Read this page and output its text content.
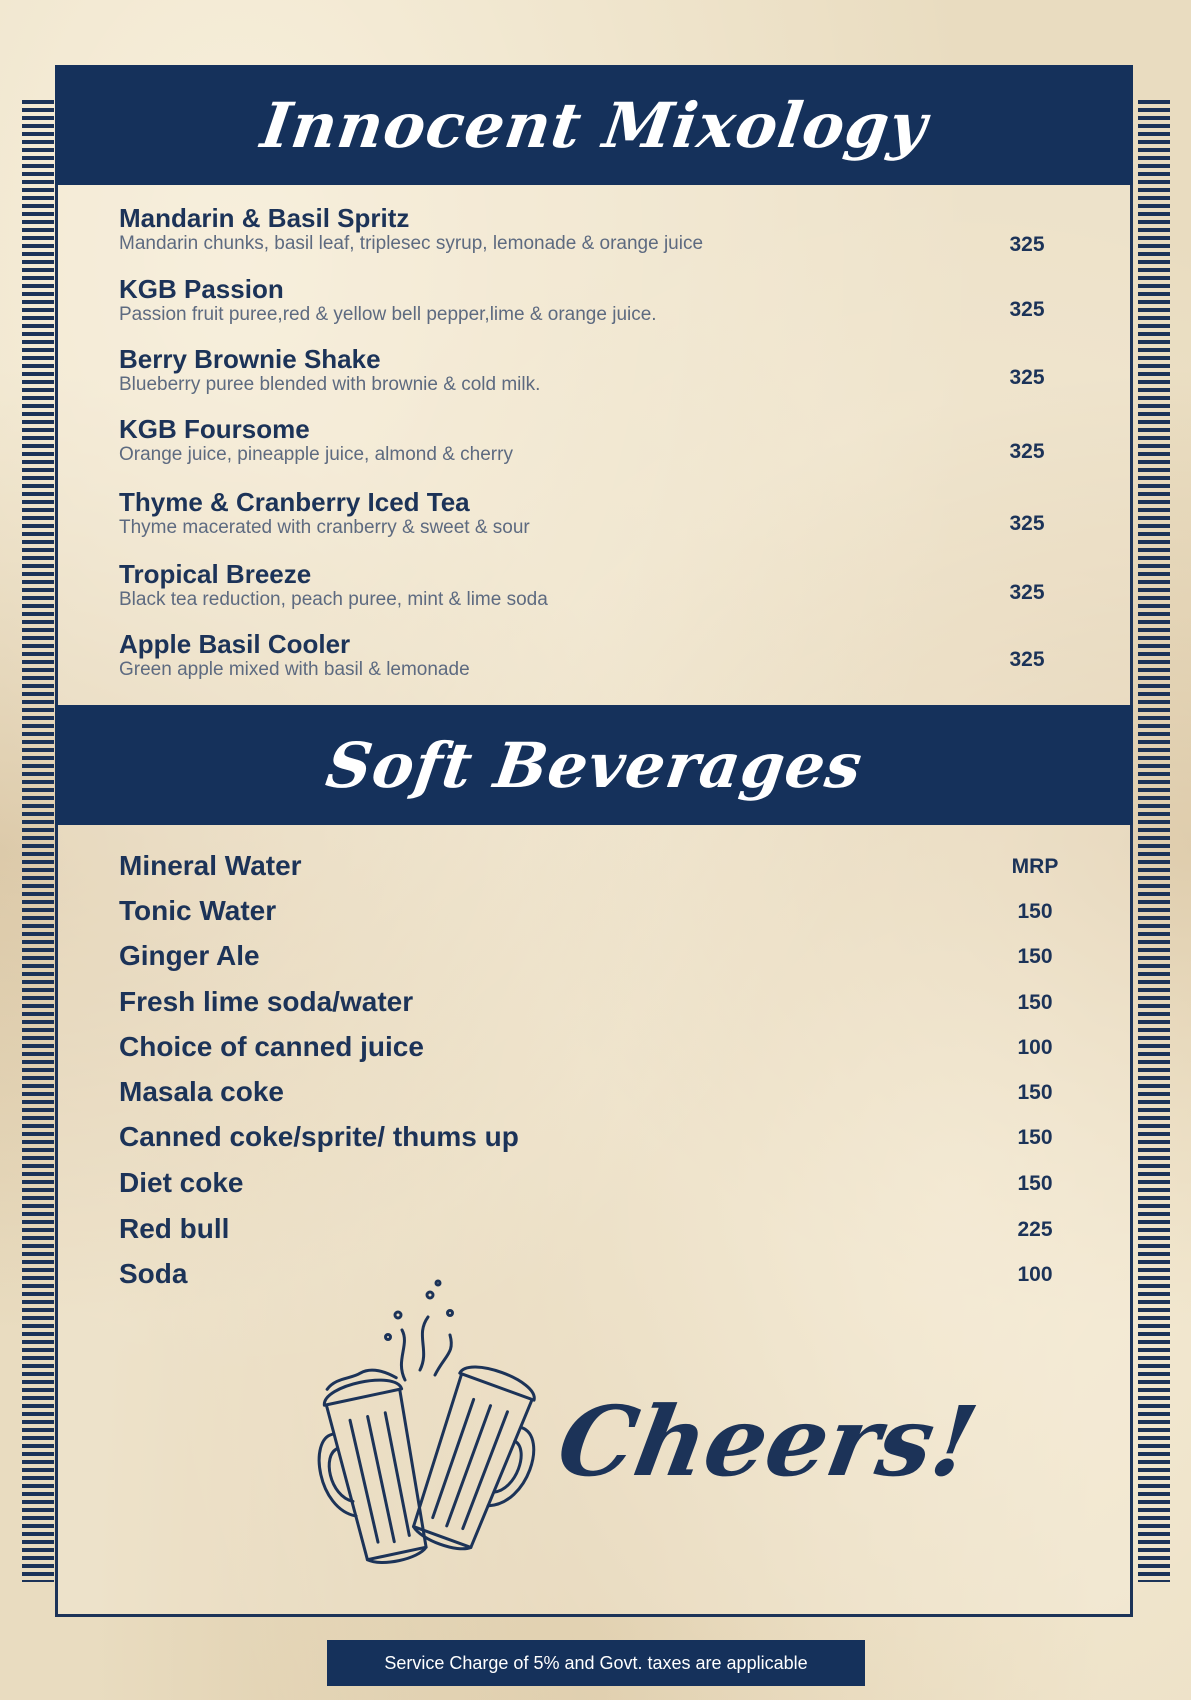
Innocent Mixology
Mandarin & Basil Spritz
Mandarin chunks, basil leaf, triplesec syrup, lemonade & orange juice	325
KGB Passion
Passion fruit puree,red & yellow bell pepper,lime & orange juice.	325
Berry Brownie Shake
Blueberry puree blended with brownie & cold milk.	325
KGB Foursome
Orange juice, pineapple juice, almond & cherry	325
Thyme & Cranberry Iced Tea
Thyme macerated with cranberry & sweet & sour	325
Tropical Breeze
Black tea reduction, peach puree, mint & lime soda	325
Apple Basil Cooler
Green apple mixed with basil & lemonade	325
Soft Beverages
Mineral Water	MRP
Tonic Water	150
Ginger Ale	150
Fresh lime soda/water	150
Choice of canned juice	100
Masala coke	150
Canned coke/sprite/ thums up	150
Diet coke	150
Red bull	225
Soda	100
Cheers!
Service Charge of 5% and Govt. taxes are applicable
